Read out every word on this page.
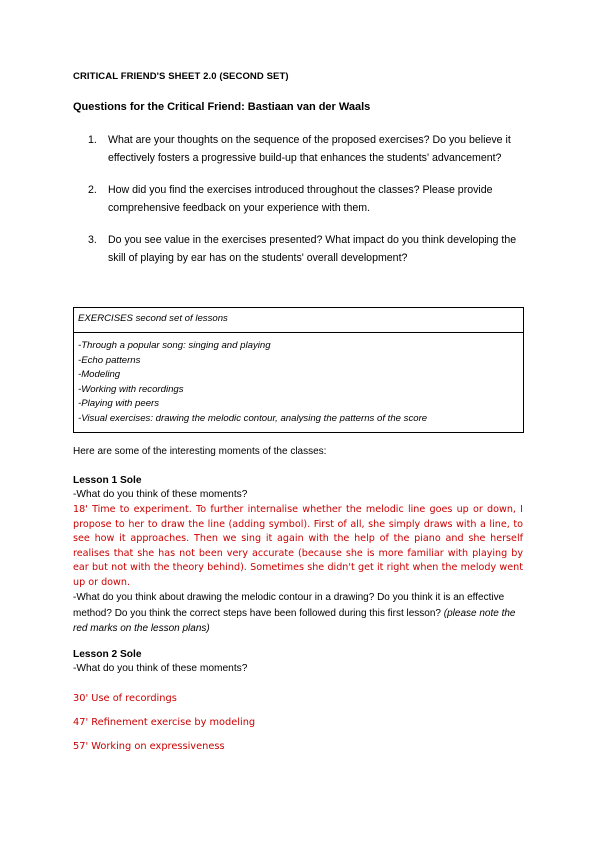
CRITICAL FRIEND'S SHEET 2.0 (SECOND SET)
Questions for the Critical Friend: Bastiaan van der Waals
1.	What are your thoughts on the sequence of the proposed exercises? Do you believe it effectively fosters a progressive build-up that enhances the students' advancement?
2.	How did you find the exercises introduced throughout the classes? Please provide comprehensive feedback on your experience with them.
3.	Do you see value in the exercises presented? What impact do you think developing the skill of playing by ear has on the students' overall development?
EXERCISES second set of lessons
-Through a popular song: singing and playing
-Echo patterns
-Modeling
-Working with recordings
-Playing with peers
-Visual exercises: drawing the melodic contour, analysing the patterns of the score
Here are some of the interesting moments of the classes:
Lesson 1 Sole
-What do you think of these moments?
18' Time to experiment. To further internalise whether the melodic line goes up or down, I propose to her to draw the line (adding symbol). First of all, she simply draws with a line, to see how it approaches. Then we sing it again with the help of the piano and she herself realises that she has not been very accurate (because she is more familiar with playing by ear but not with the theory behind). Sometimes she didn't get it right when the melody went up or down.
-What do you think about drawing the melodic contour in a drawing? Do you think it is an effective method? Do you think the correct steps have been followed during this first lesson? (please note the red marks on the lesson plans)
Lesson 2 Sole
-What do you think of these moments?
30' Use of recordings
47' Refinement exercise by modeling
57' Working on expressiveness
